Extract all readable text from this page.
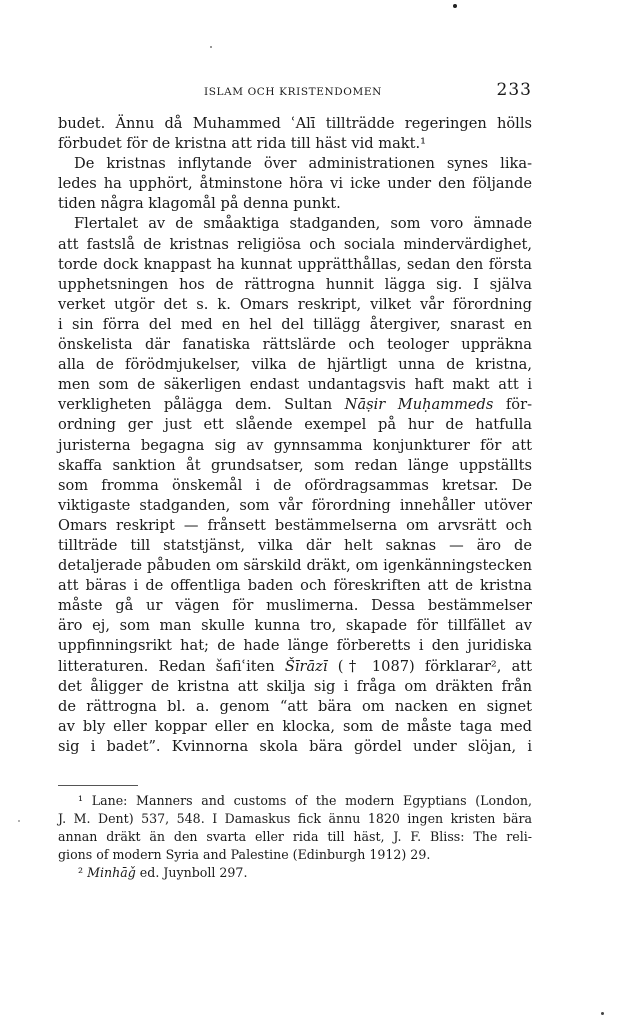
ISLAM OCH KRISTENDOMEN	233
budet. Ännu då Muhammed ʿAlī tillträdde regeringen hölls
förbudet för de kristna att rida till häst vid makt.¹
De kristnas inflytande över administrationen synes lika-
ledes ha upphört, åtminstone höra vi icke under den följande
tiden några klagomål på denna punkt.
Flertalet av de småaktiga stadganden, som voro ämnade
att fastslå de kristnas religiösa och sociala mindervärdighet,
torde dock knappast ha kunnat upprätthållas, sedan den första
upphetsningen hos de rättrogna hunnit lägga sig. I själva
verket utgör det s. k. Omars reskript, vilket vår förordning
i sin förra del med en hel del tillägg återgiver, snarast en
önskelista där fanatiska rättslärde och teologer uppräkna
alla de förödmjukelser, vilka de hjärtligt unna de kristna,
men som de säkerligen endast undantagsvis haft makt att i
verkligheten pålägga dem. Sultan Nāṣir Muḥammeds för-
ordning ger just ett slående exempel på hur de hatfulla
juristerna begagna sig av gynnsamma konjunkturer för att
skaffa sanktion åt grundsatser, som redan länge uppställts
som fromma önskemål i de ofördragsammas kretsar. De
viktigaste stadganden, som vår förordning innehåller utöver
Omars reskript — frånsett bestämmelserna om arvsrätt och
tillträde till statstjänst, vilka där helt saknas — äro de
detaljerade påbuden om särskild dräkt, om igenkänningstecken
att bäras i de offentliga baden och föreskriften att de kristna
måste gå ur vägen för muslimerna. Dessa bestämmelser
äro ej, som man skulle kunna tro, skapade för tillfället av
uppfinningsrikt hat; de hade länge förberetts i den juridiska
litteraturen. Redan šafiʿiten Šīrāzī († 1087) förklarar², att
det åligger de kristna att skilja sig i fråga om dräkten från
de rättrogna bl. a. genom “att bära om nacken en signet
av bly eller koppar eller en klocka, som de måste taga med
sig i badet”. Kvinnorna skola bära gördel under slöjan, i
¹ Lane: Manners and customs of the modern Egyptians (London,
J. M. Dent) 537, 548. I Damaskus fick ännu 1820 ingen kristen bära
annan dräkt än den svarta eller rida till häst, J. F. Bliss: The reli-
gions of modern Syria and Palestine (Edinburgh 1912) 29.
² Minhāǧ ed. Juynboll 297.
